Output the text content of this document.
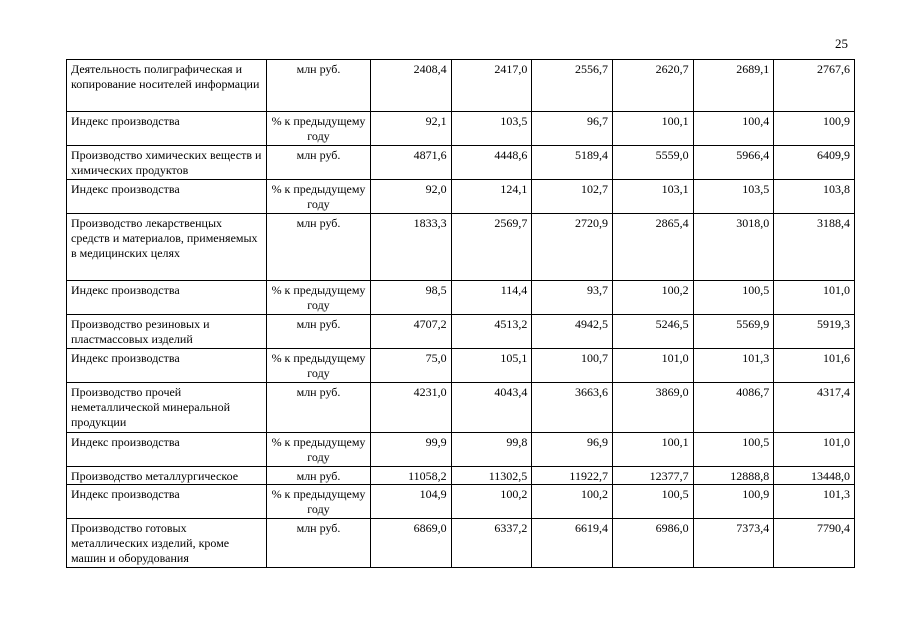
25
Деятельность полиграфическая и копирование носителей информации	млн руб.	2408,4	2417,0	2556,7	2620,7	2689,1	2767,6
Индекс производства	% к предыдущему году	92,1	103,5	96,7	100,1	100,4	100,9
Производство химических веществ и химических продуктов	млн руб.	4871,6	4448,6	5189,4	5559,0	5966,4	6409,9
Индекс производства	% к предыдущему году	92,0	124,1	102,7	103,1	103,5	103,8
Производство лекарственцых средств и материалов, применяемых в медицинских целях	млн руб.	1833,3	2569,7	2720,9	2865,4	3018,0	3188,4
Индекс производства	% к предыдущему году	98,5	114,4	93,7	100,2	100,5	101,0
Производство резиновых и пластмассовых изделий	млн руб.	4707,2	4513,2	4942,5	5246,5	5569,9	5919,3
Индекс производства	% к предыдущему году	75,0	105,1	100,7	101,0	101,3	101,6
Производство прочей неметаллической минеральной продукции	млн руб.	4231,0	4043,4	3663,6	3869,0	4086,7	4317,4
Индекс производства	% к предыдущему году	99,9	99,8	96,9	100,1	100,5	101,0
Производство металлургическое	млн руб.	11058,2	11302,5	11922,7	12377,7	12888,8	13448,0
Индекс производства	% к предыдущему году	104,9	100,2	100,2	100,5	100,9	101,3
Производство готовых металлических изделий, кроме машин и оборудования	млн руб.	6869,0	6337,2	6619,4	6986,0	7373,4	7790,4
